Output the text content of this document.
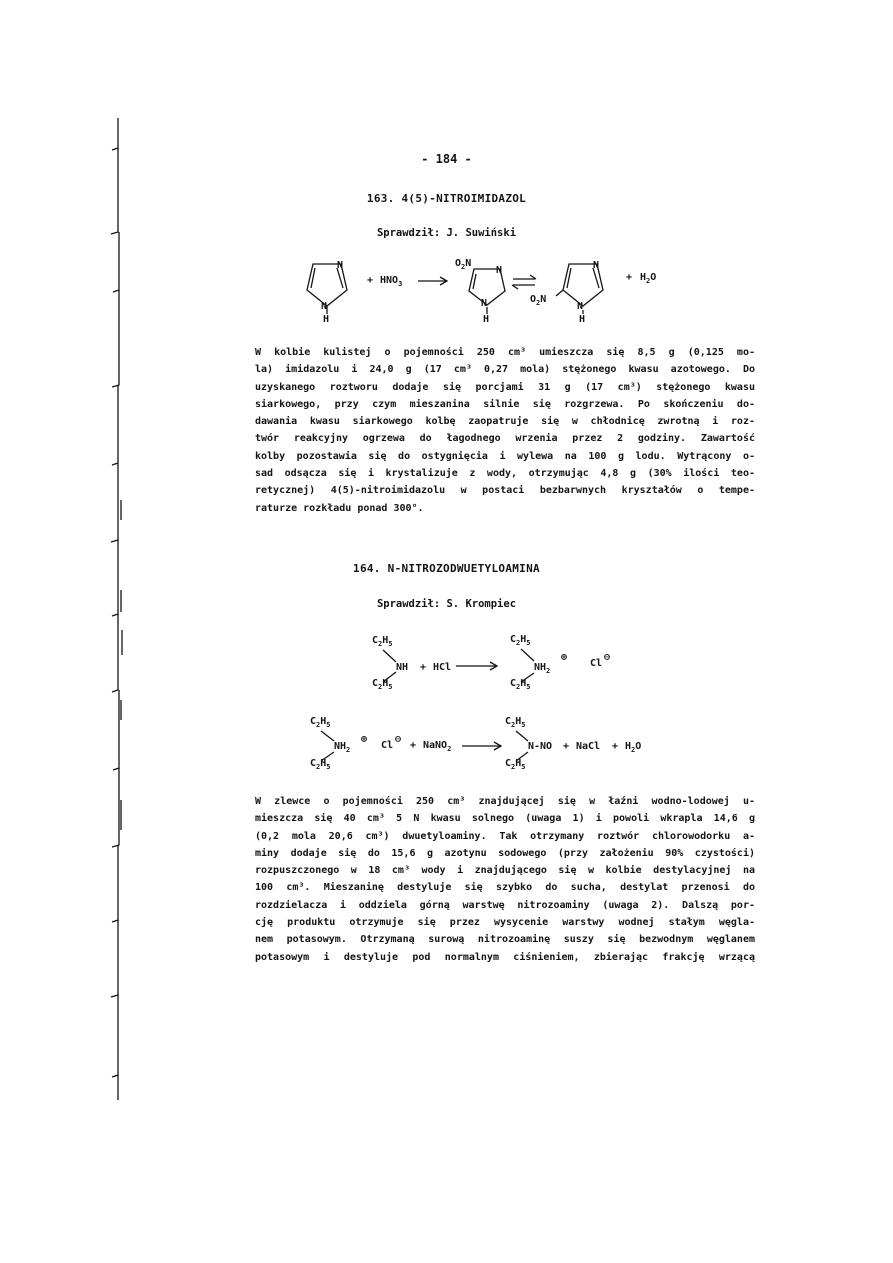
- 184 -
163. 4(5)-NITROIMIDAZOL
Sprawdził: J. Suwiński
N
N
H
+ $HNO_3$
$O_2N$
N
N
H
N
$O_2N$
N
H
+ $H_2O$
W kolbie kulistej o pojemności 250 cm³ umieszcza się 8,5 g (0,125 mo-
la) imidazolu i 24,0 g (17 cm³ 0,27 mola) stężonego kwasu azotowego. Do
uzyskanego roztworu dodaje się porcjami 31 g (17 cm³) stężonego kwasu
siarkowego, przy czym mieszanina silnie się rozgrzewa. Po skończeniu do-
dawania kwasu siarkowego kolbę zaopatruje się w chłodnicę zwrotną i roz-
twór reakcyjny ogrzewa do łagodnego wrzenia przez 2 godziny. Zawartość
kolby pozostawia się do ostygnięcia i wylewa na 100 g lodu. Wytrącony o-
sad odsącza się i krystalizuje z wody, otrzymując 4,8 g (30% ilości teo-
retycznej) 4(5)-nitroimidazolu w postaci bezbarwnych kryształów o tempe-
raturze rozkładu ponad 300°.
164. N-NITROZODWUETYLOAMINA
Sprawdził: S. Krompiec
$C_2H_5$
NH
$C_2H_5$
+ HCl
$C_2H_5$
$NH_2$
⊕
$C_2H_5$
Cl
⊖
$C_2H_5$
$NH_2$
⊕
$C_2H_5$
Cl
⊖
+ NaNO$_2$
$C_2H_5$
N-NO
$C_2H_5$
+ NaCl + $H_2O$
W zlewce o pojemności 250 cm³ znajdującej się w łaźni wodno-lodowej u-
mieszcza się 40 cm³ 5 N kwasu solnego (uwaga 1) i powoli wkrapla 14,6 g
(0,2 mola 20,6 cm³) dwuetyloaminy. Tak otrzymany roztwór chlorowodorku a-
miny dodaje się do 15,6 g azotynu sodowego (przy założeniu 90% czystości)
rozpuszczonego w 18 cm³ wody i znajdującego się w kolbie destylacyjnej na
100 cm³. Mieszaninę destyluje się szybko do sucha, destylat przenosi do
rozdzielacza i oddziela górną warstwę nitrozoaminy (uwaga 2). Dalszą por-
cję produktu otrzymuje się przez wysycenie warstwy wodnej stałym węgla-
nem potasowym. Otrzymaną surową nitrozoaminę suszy się bezwodnym węglanem
potasowym i destyluje pod normalnym ciśnieniem, zbierając frakcję wrzącą
